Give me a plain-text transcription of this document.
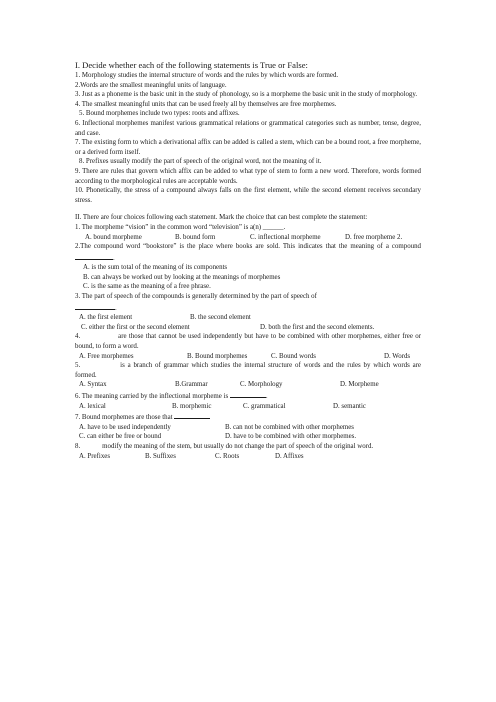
I. Decide whether each of the following statements is True or False:

1. Morphology studies the internal structure of words and the rules by which words are formed.

2.Words are the smallest meaningful units of language.

3. Just as a phoneme is the basic unit in the study of phonology, so is a morpheme the basic unit in the study of morphology.

4. The smallest meaningful units that can be used freely all by themselves are free morphemes.

5. Bound morphemes include two types: roots and affixes.

6. Inflectional morphemes manifest various grammatical relations or grammatical categories such as number, tense, degree, and case.

7. The existing form to which a derivational affix can be added is called a stem, which can be a bound root, a free morpheme, or a derived form itself.

8. Prefixes usually modify the part of speech of the original word, not the meaning of it.

9. There are rules that govern which affix can be added to what type of stem to form a new word. Therefore, words formed according to the morphological rules are acceptable words.

10. Phonetically, the stress of a compound always falls on the first element, while the second element receives secondary stress.

II. There are four choices following each statement. Mark the choice that can best complete the statement:

1. The morpheme “vision” in the common word “television” is a(n) ______.

A. bound morpheme	B. bound form	C. inflectional morpheme	D. free morpheme 2.

2.The compound word “bookstore” is the place where books are sold. This indicates that the meaning of a compound .

A. is the sum total of the meaning of its components

B. can always be worked out by looking at the meanings of morphemes

C. is the same as the meaning of a free phrase.

3. The part of speech of the compounds is generally determined by the part of speech of
.

A. the first element	B. the second element
C. either the first or the second element	D. both the first and the second elements.

4.	are those that cannot be used independently but have to be combined with other morphemes, either free or bound, to form a word.

A. Free morphemes	B. Bound morphemes	C. Bound words	D. Words

5.	is a branch of grammar which studies the internal structure of words and the rules by which words are formed.

A. Syntax	B.Grammar	C. Morphology	D. Morpheme

6. The meaning carried by the inflectional morpheme is	.

A. lexical	B. morphemic	C. grammatical	D. semantic

7. Bound morphemes are those that

A. have to be used independently	B. can not be combined with other morphemes
C. can either be free or bound	D. have to be combined with other morphemes.

8.	modify the meaning of the stem, but usually do not change the part of speech of the original word.

A. Prefixes	B. Suffixes	C. Roots	D. Affixes
